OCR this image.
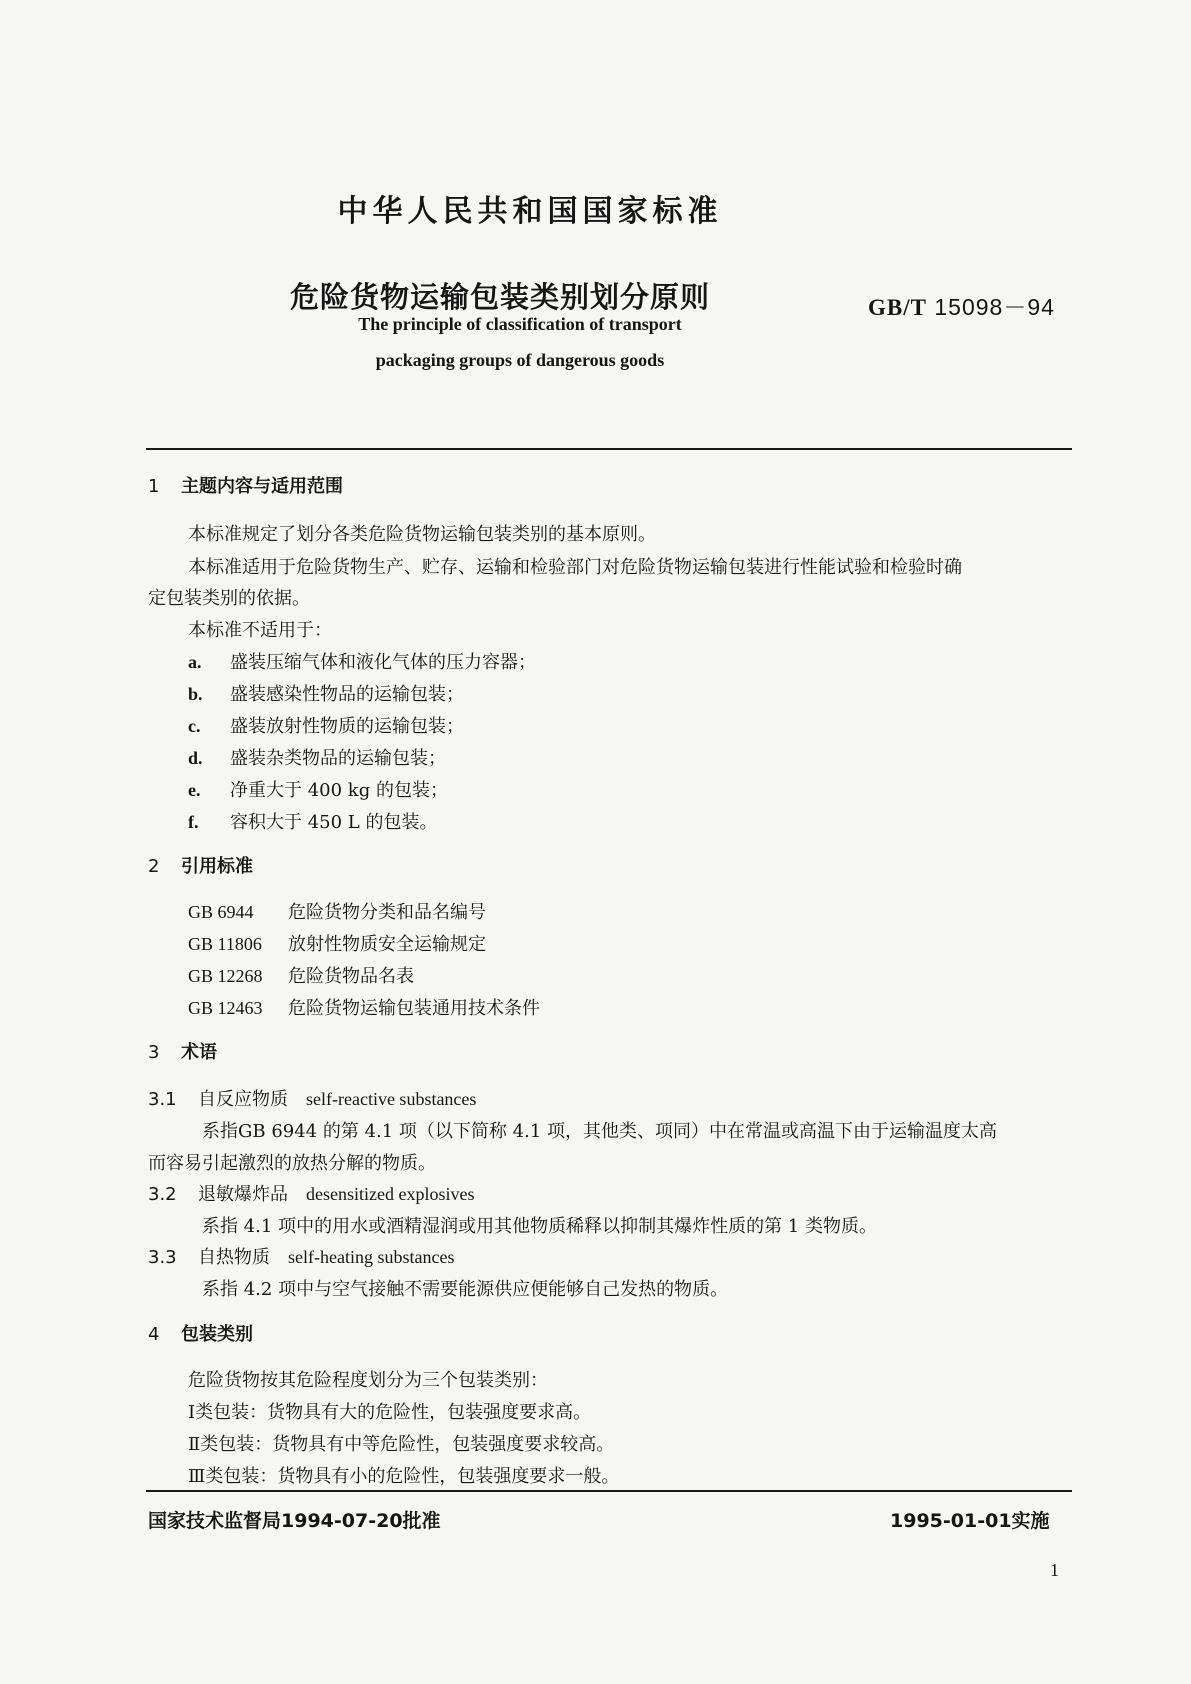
中华人民共和国国家标准
危险货物运输包装类别划分原则	GB/T 15098－94
The principle of classification of transport
packaging groups of dangerous goods
1 主题内容与适用范围
本标准规定了划分各类危险货物运输包装类别的基本原则。
本标准适用于危险货物生产、贮存、运输和检验部门对危险货物运输包装进行性能试验和检验时确
定包装类别的依据。
本标准不适用于：
a. 盛装压缩气体和液化气体的压力容器；
b. 盛装感染性物品的运输包装；
c. 盛装放射性物质的运输包装；
d. 盛装杂类物品的运输包装；
e. 净重大于 400 kg 的包装；
f. 容积大于 450 L 的包装。
2 引用标准
GB 6944 危险货物分类和品名编号
GB 11806 放射性物质安全运输规定
GB 12268 危险货物品名表
GB 12463 危险货物运输包装通用技术条件
3 术语
3.1 自反应物质 self-reactive substances
系指GB 6944 的第 4.1 项（以下简称 4.1 项，其他类、项同）中在常温或高温下由于运输温度太高
而容易引起激烈的放热分解的物质。
3.2 退敏爆炸品 desensitized explosives
系指 4.1 项中的用水或酒精湿润或用其他物质稀释以抑制其爆炸性质的第 1 类物质。
3.3 自热物质 self-heating substances
系指 4.2 项中与空气接触不需要能源供应便能够自己发热的物质。
4 包装类别
危险货物按其危险程度划分为三个包装类别：
Ⅰ类包装：货物具有大的危险性，包装强度要求高。
Ⅱ类包装：货物具有中等危险性，包装强度要求较高。
Ⅲ类包装：货物具有小的危险性，包装强度要求一般。
国家技术监督局1994-07-20批准	1995-01-01实施
1
